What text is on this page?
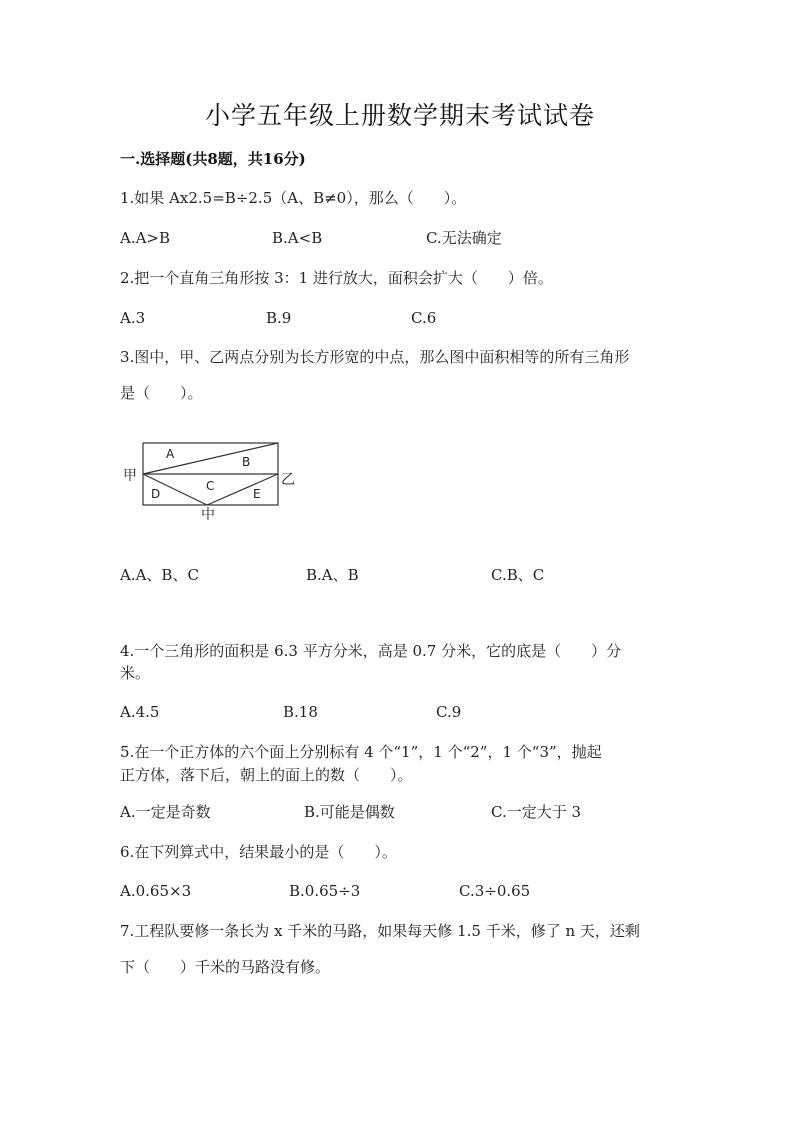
小学五年级上册数学期末考试试卷
一.选择题(共8题，共16分)
1.如果 Ax2.5=B÷2.5（A、B≠0），那么（　　）。
A.A>B	B.A<B	C.无法确定
2.把一个直角三角形按 3：1 进行放大，面积会扩大（　　）倍。
A.3	B.9	C.6
3.图中，甲、乙两点分别为长方形宽的中点，那么图中面积相等的所有三角形
是（　　）。
A
B
C
D	E
甲	乙
中
A.A、B、C	B.A、B	C.B、C
4.一个三角形的面积是 6.3 平方分米，高是 0.7 分米，它的底是（　　）分
米。
A.4.5	B.18	C.9
5.在一个正方体的六个面上分别标有 4 个“1”，1 个“2”，1 个“3”，抛起
正方体，落下后，朝上的面上的数（　　）。
A.一定是奇数	B.可能是偶数	C.一定大于 3
6.在下列算式中，结果最小的是（　　）。
A.0.65×3	B.0.65÷3	C.3÷0.65
7.工程队要修一条长为 x 千米的马路，如果每天修 1.5 千米，修了 n 天，还剩
下（　　）千米的马路没有修。
